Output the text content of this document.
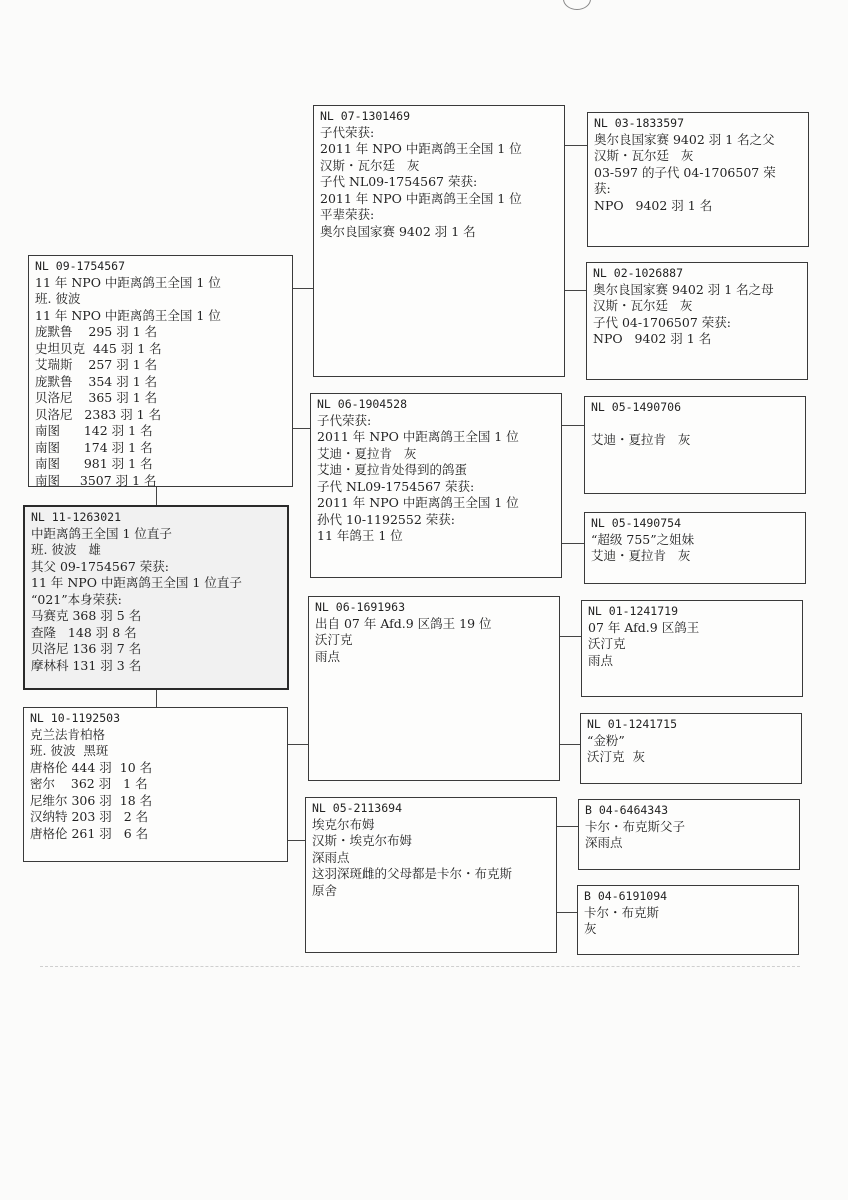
NL 11-1263021
中距离鸽王全国 1 位直子
班. 彼波   雄
其父 09-1754567 荣获:
11 年 NPO 中距离鸽王全国 1 位直子
“021”本身荣获:
马赛克 368 羽 5 名
查隆   148 羽 8 名
贝洛尼 136 羽 7 名
摩林科 131 羽 3 名
NL 09-1754567
11 年 NPO 中距离鸽王全国 1 位
班. 彼波
11 年 NPO 中距离鸽王全国 1 位
庞默鲁    295 羽 1 名
史坦贝克  445 羽 1 名
艾瑞斯    257 羽 1 名
庞默鲁    354 羽 1 名
贝洛尼    365 羽 1 名
贝洛尼   2383 羽 1 名
南图      142 羽 1 名
南图      174 羽 1 名
南图      981 羽 1 名
南图     3507 羽 1 名
NL 10-1192503
克兰法肯柏格
班. 彼波  黑斑
唐格伦 444 羽  10 名
密尔    362 羽   1 名
尼维尔 306 羽  18 名
汉纳特 203 羽   2 名
唐格伦 261 羽   6 名
NL 07-1301469
子代荣获:
2011 年 NPO 中距离鸽王全国 1 位
汉斯・瓦尔廷   灰
子代 NL09-1754567 荣获:
2011 年 NPO 中距离鸽王全国 1 位
平辈荣获:
奥尔良国家赛 9402 羽 1 名
NL 06-1904528
子代荣获:
2011 年 NPO 中距离鸽王全国 1 位
艾迪・夏拉肯   灰
艾迪・夏拉肯处得到的鸽蛋
子代 NL09-1754567 荣获:
2011 年 NPO 中距离鸽王全国 1 位
孙代 10-1192552 荣获:
11 年鸽王 1 位
NL 06-1691963
出自 07 年 Afd.9 区鸽王 19 位
沃汀克
雨点
NL 05-2113694
埃克尔布姆
汉斯・埃克尔布姆
深雨点
这羽深斑雌的父母都是卡尔・布克斯
原舍
NL 03-1833597
奥尔良国家赛 9402 羽 1 名之父
汉斯・瓦尔廷   灰
03-597 的子代 04-1706507 荣
获:
NPO   9402 羽 1 名
NL 02-1026887
奥尔良国家赛 9402 羽 1 名之母
汉斯・瓦尔廷   灰
子代 04-1706507 荣获:
NPO   9402 羽 1 名
NL 05-1490706

艾迪・夏拉肯   灰
NL 05-1490754
“超级 755”之姐妹
艾迪・夏拉肯   灰
NL 01-1241719
07 年 Afd.9 区鸽王
沃汀克
雨点
NL 01-1241715
“金粉”
沃汀克  灰
B 04-6464343
卡尔・布克斯父子
深雨点
B 04-6191094
卡尔・布克斯
灰
